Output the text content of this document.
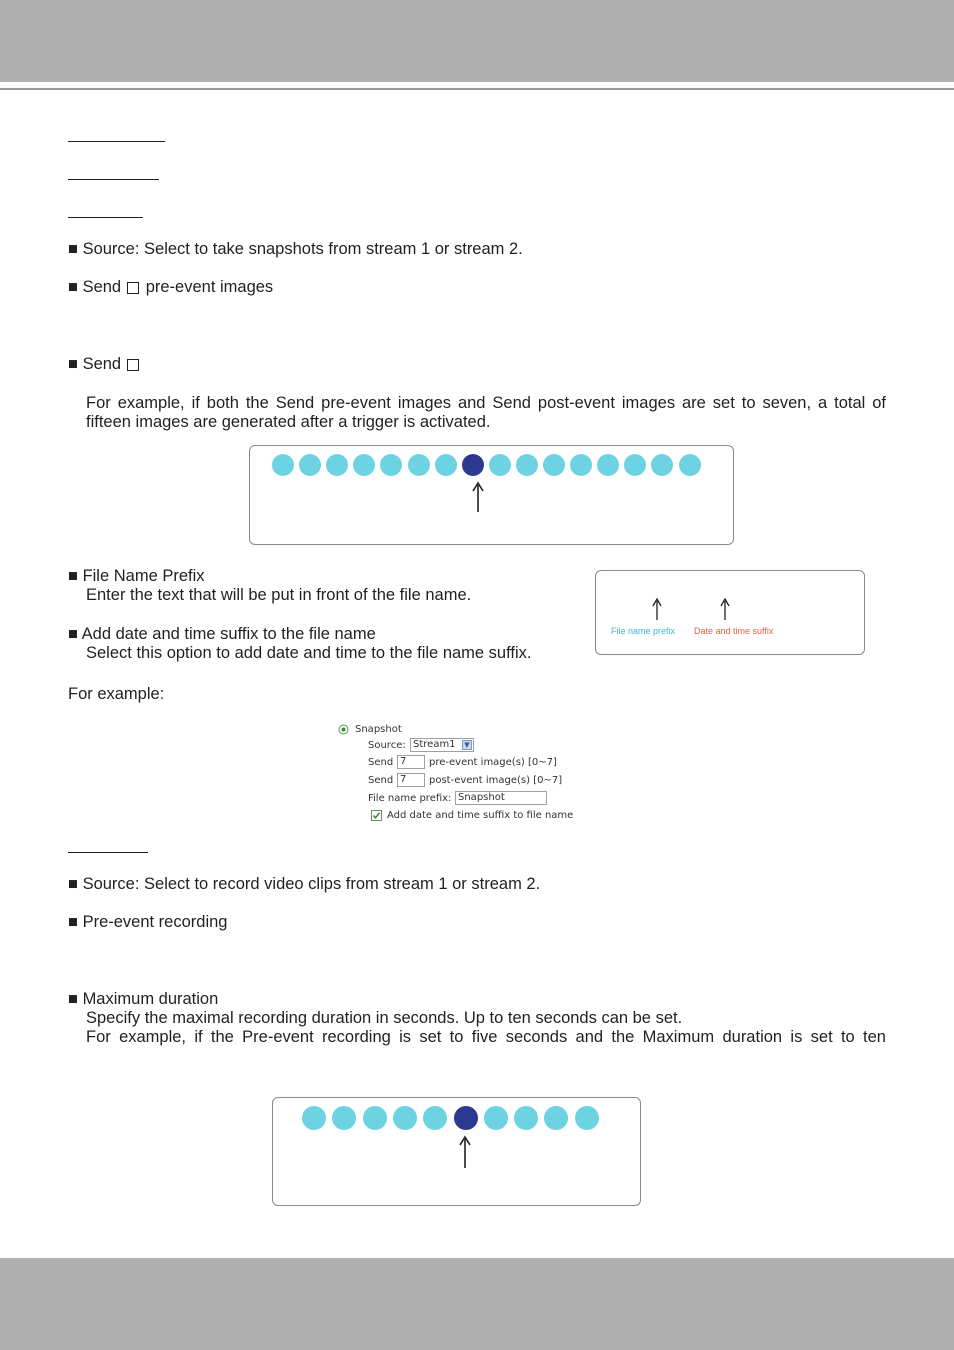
■ Source: Select to take snapshots from stream 1 or stream 2.
■ Send pre-event images
■ Send
For example, if both the Send pre-event images and Send post-event images are set to seven, a total of fifteen images are generated after a trigger is activated.
■ File Name Prefix
Enter the text that will be put in front of the file name.
■ Add date and time suffix to the file name
Select this option to add date and time to the file name suffix.
File name prefix Date and time suffix
For example:
Snapshot
Source: Stream1	▼
Send 7	pre-event image(s) [0~7]
Send 7	post-event image(s) [0~7]
File name prefix: Snapshot
Add date and time suffix to file name
■ Source: Select to record video clips from stream 1 or stream 2.
■ Pre-event recording
■ Maximum duration
Specify the maximal recording duration in seconds. Up to ten seconds can be set.
For example, if the Pre-event recording is set to five seconds and the Maximum duration is set to ten
